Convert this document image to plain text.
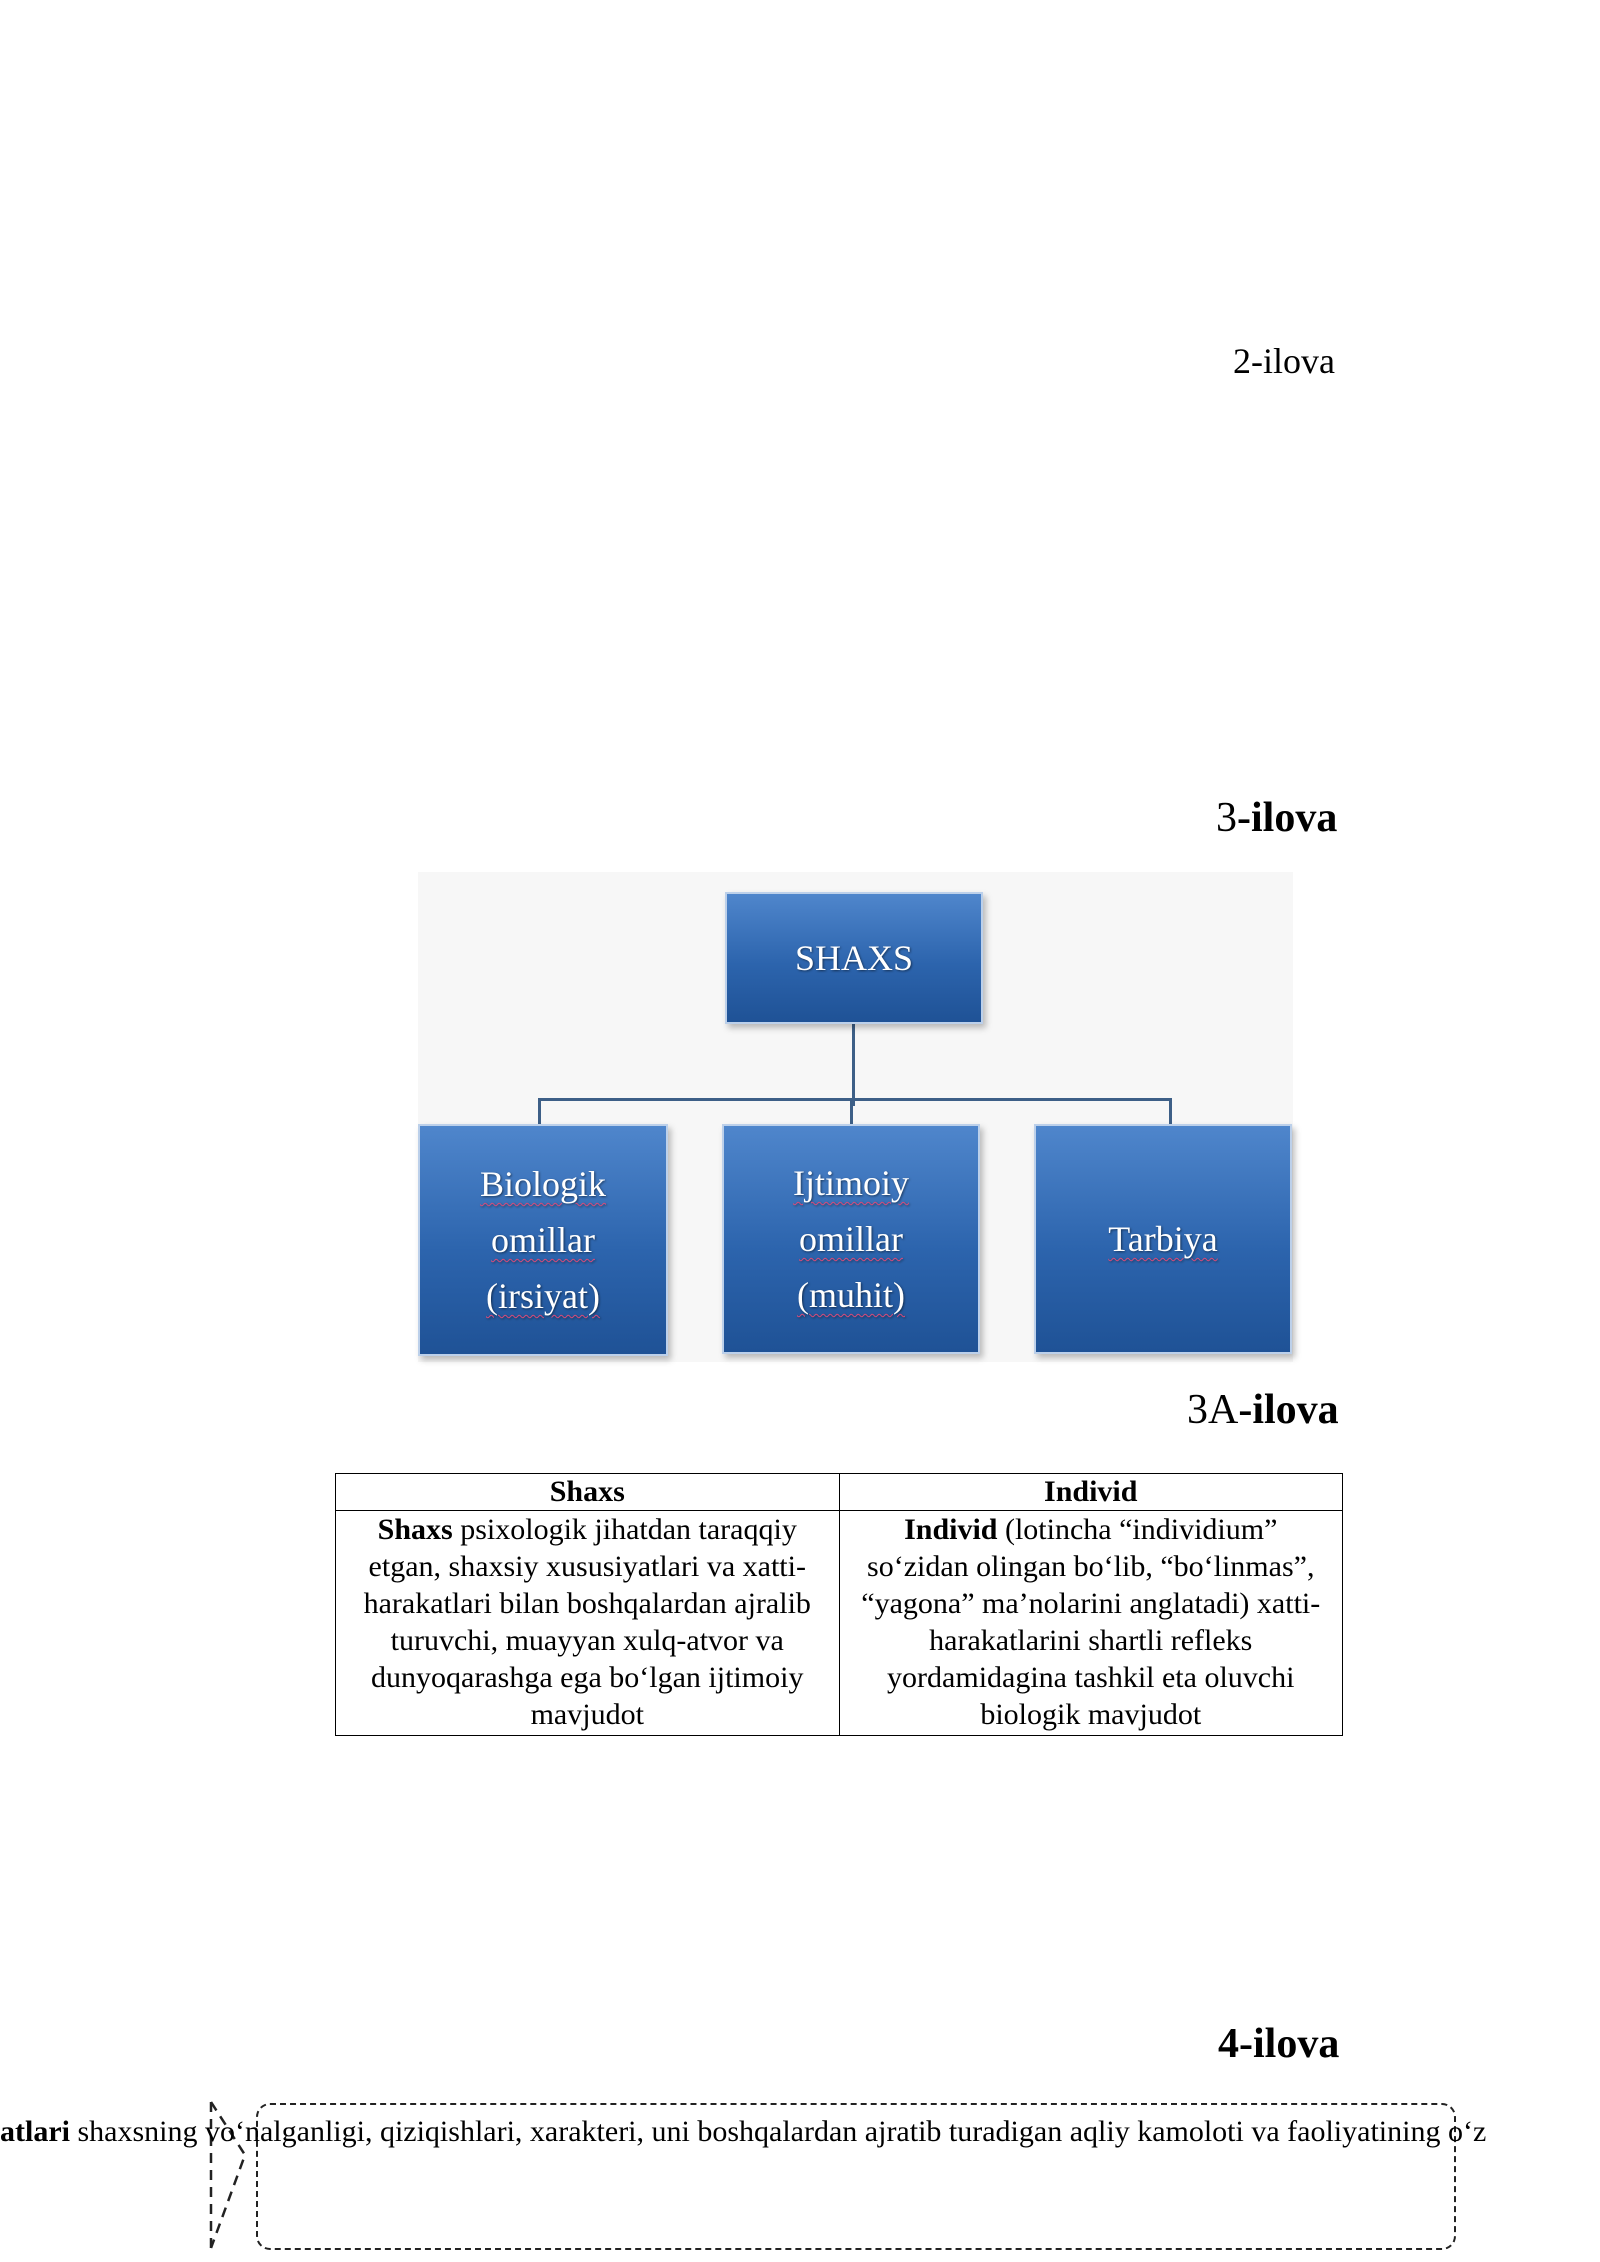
2-ilova
3-ilova
SHAXS
Biologik
omillar
(irsiyat)
Ijtimoiy
omillar
(muhit)
Tarbiya
3A-ilova
Shaxs	Individ
Shaxs psixologik jihatdan taraqqiy etgan, shaxsiy xususiyatlari va xatti-harakatlari bilan boshqalardan ajralib turuvchi, muayyan xulq-atvor va dunyoqarashga ega bo‘lgan ijtimoiy mavjudot	Individ (lotincha “individium” so‘zidan olingan bo‘lib, “bo‘linmas”, “yagona” ma’nolarini anglatadi) xatti-harakatlarini shartli refleks yordamidagina tashkil eta oluvchi biologik mavjudot
4-ilova
atlari shaxsning vo‘nalganligi, qiziqishlari, xarakteri, uni boshqalardan ajratib turadigan aqliy kamoloti va faoliyatining o‘z
